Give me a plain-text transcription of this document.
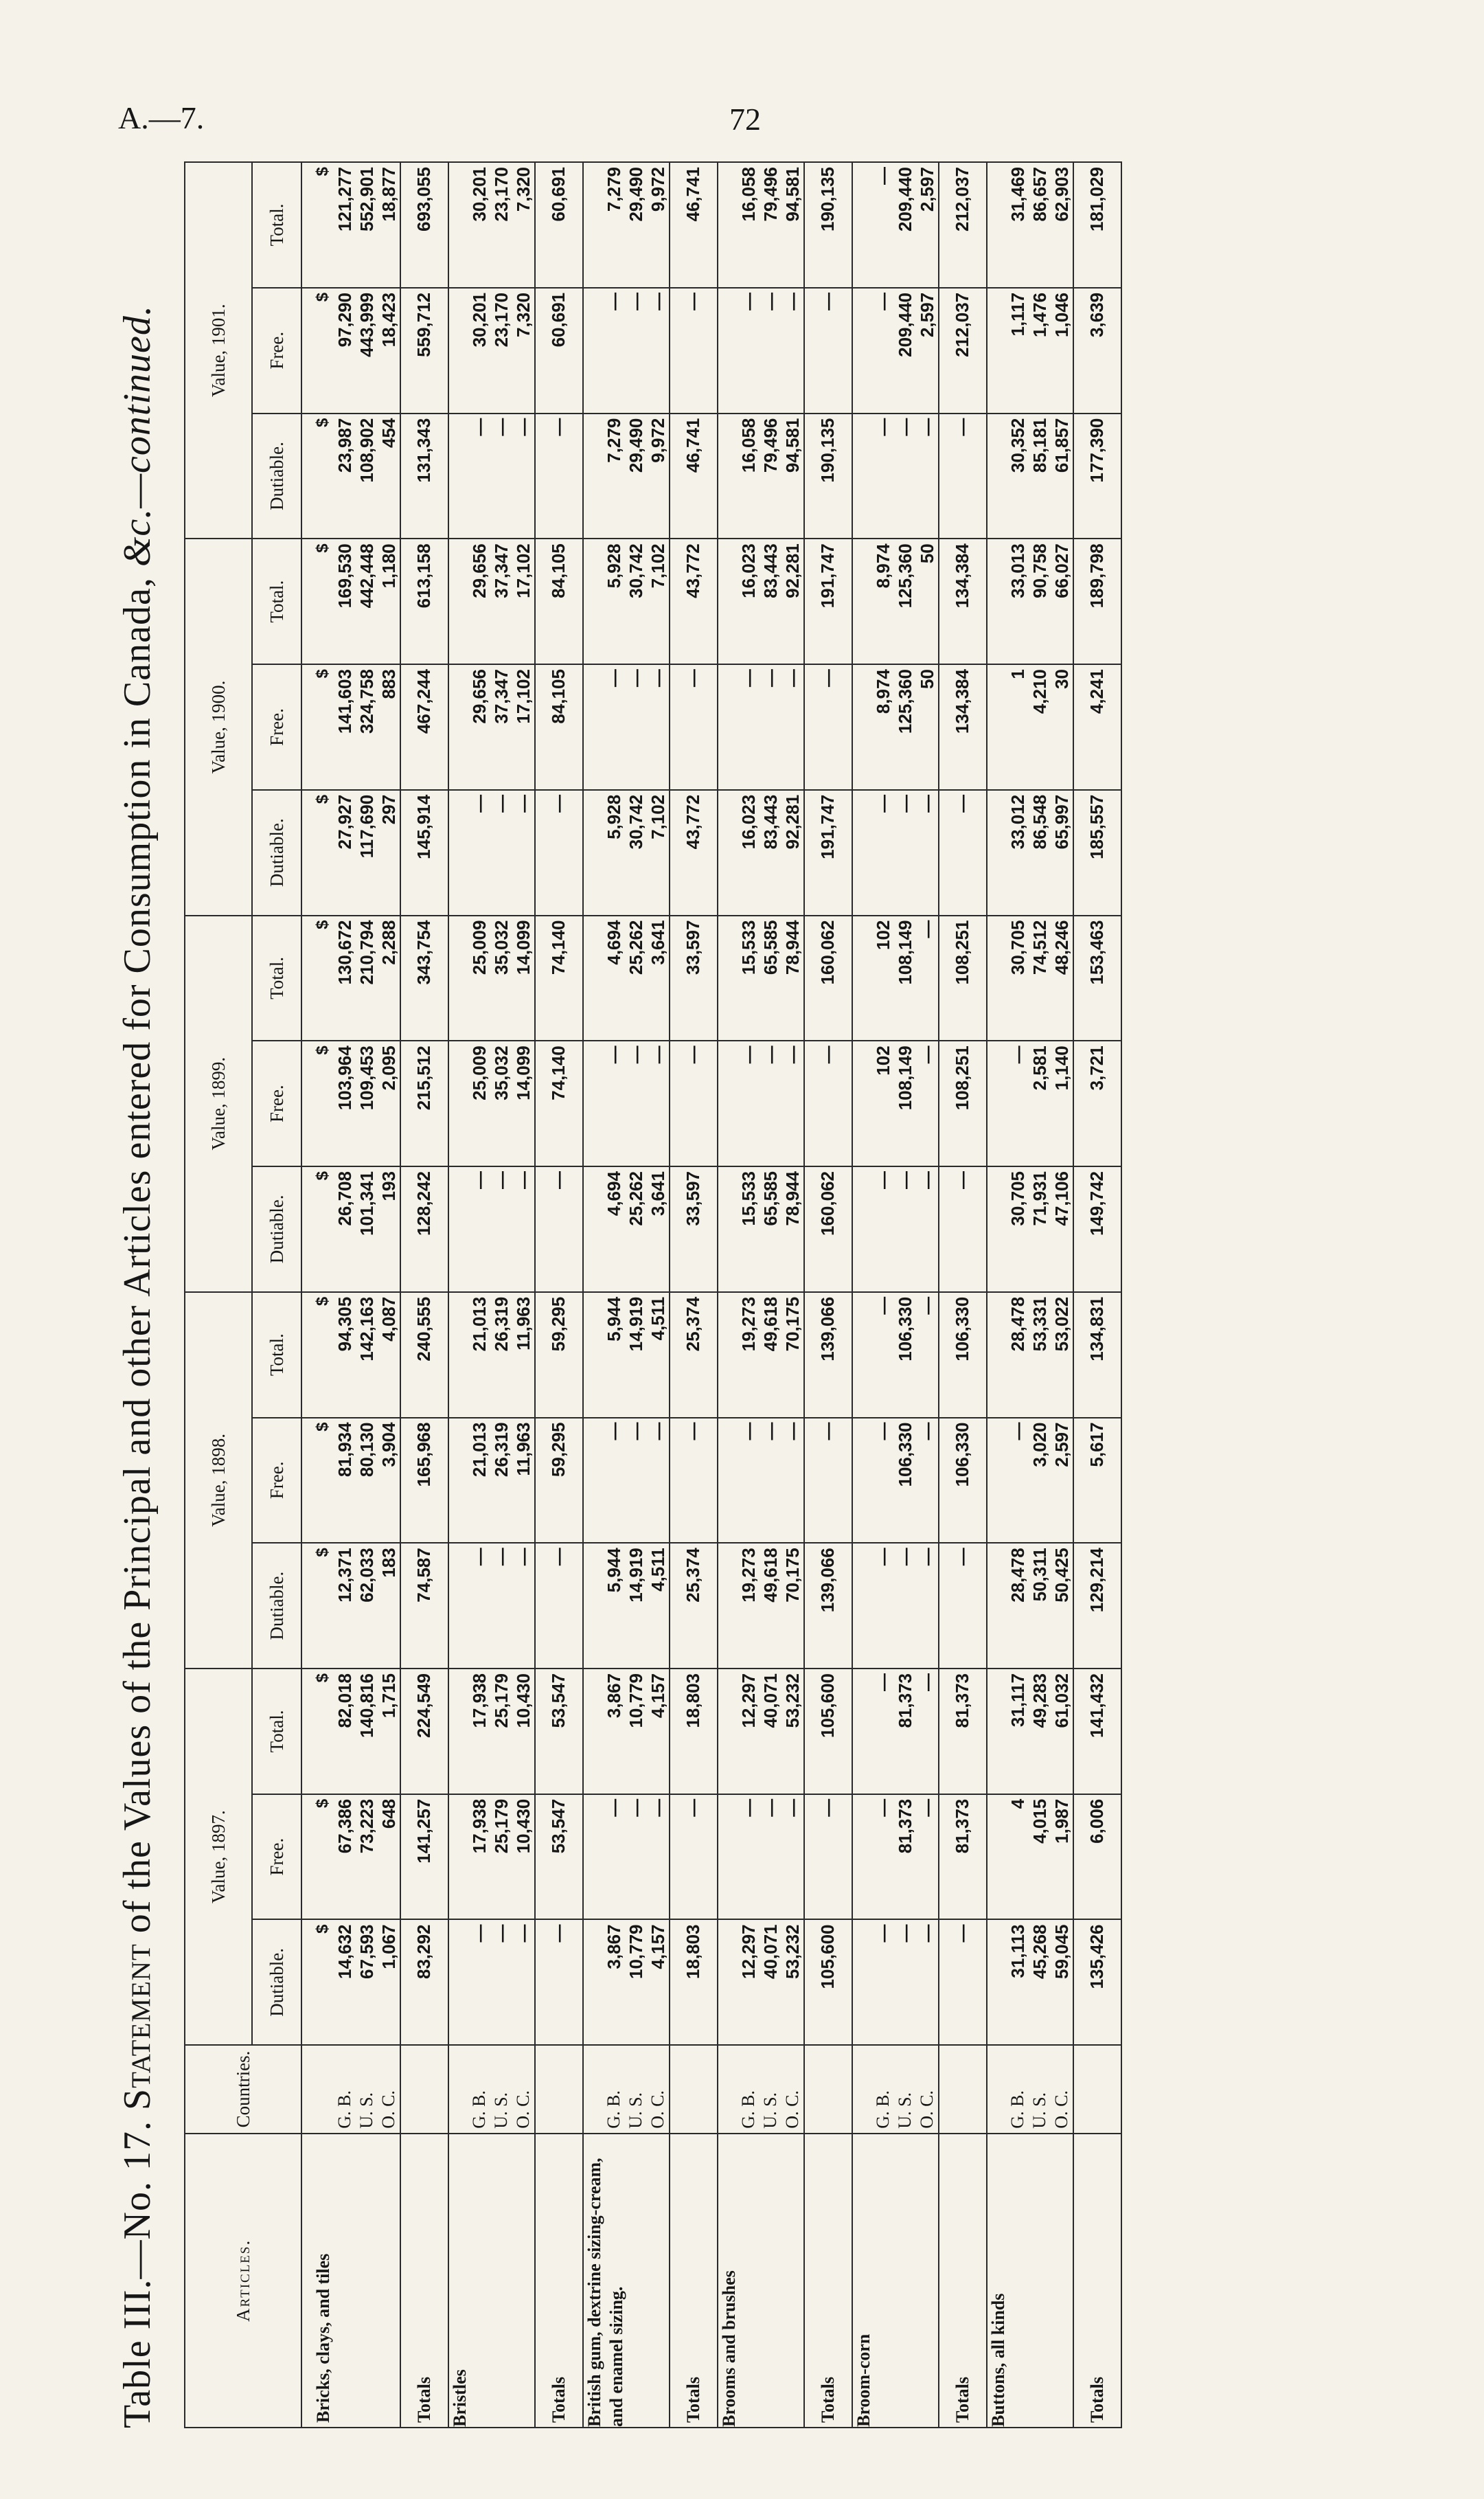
A.—7.	72
Table III.—No. 17. Statement of the Values of the Principal and other Articles entered for Consumption in Canada, &c.—continued.
Articles.	Countries.	Value, 1897.			Value, 1898.			Value, 1899.			Value, 1900.			Value, 1901.		
		Dutiable.	Free.	Total.	Dutiable.	Free.	Total.	Dutiable.	Free.	Total.	Dutiable.	Free.	Total.	Dutiable.	Free.	Total.
Bricks, clays, and tiles		$	$	$	$	$	$	$	$	$	$	$	$	$	$	$
	G. B.	14,632	67,386	82,018	12,371	81,934	94,305	26,708	103,964	130,672	27,927	141,603	169,530	23,987	97,290	121,277
	U. S.	67,593	73,223	140,816	62,033	80,130	142,163	101,341	109,453	210,794	117,690	324,758	442,448	108,902	443,999	552,901
	O. C.	1,067	648	1,715	183	3,904	4,087	193	2,095	2,288	297	883	1,180	454	18,423	18,877
Totals		83,292	141,257	224,549	74,587	165,968	240,555	128,242	215,512	343,754	145,914	467,244	613,158	131,343	559,712	693,055
Bristles																
	G. B.	—	17,938	17,938	—	21,013	21,013	—	25,009	25,009	—	29,656	29,656	—	30,201	30,201
	U. S.	—	25,179	25,179	—	26,319	26,319	—	35,032	35,032	—	37,347	37,347	—	23,170	23,170
	O. C.	—	10,430	10,430	—	11,963	11,963	—	14,099	14,099	—	17,102	17,102	—	7,320	7,320
Totals		—	53,547	53,547	—	59,295	59,295	—	74,140	74,140	—	84,105	84,105	—	60,691	60,691
British gum, dextrine sizing-cream, and enamel sizing.																
	G. B.	3,867	—	3,867	5,944	—	5,944	4,694	—	4,694	5,928	—	5,928	7,279	—	7,279
	U. S.	10,779	—	10,779	14,919	—	14,919	25,262	—	25,262	30,742	—	30,742	29,490	—	29,490
	O. C.	4,157	—	4,157	4,511	—	4,511	3,641	—	3,641	7,102	—	7,102	9,972	—	9,972
Totals		18,803	—	18,803	25,374	—	25,374	33,597	—	33,597	43,772	—	43,772	46,741	—	46,741
Brooms and brushes																
	G. B.	12,297	—	12,297	19,273	—	19,273	15,533	—	15,533	16,023	—	16,023	16,058	—	16,058
	U. S.	40,071	—	40,071	49,618	—	49,618	65,585	—	65,585	83,443	—	83,443	79,496	—	79,496
	O. C.	53,232	—	53,232	70,175	—	70,175	78,944	—	78,944	92,281	—	92,281	94,581	—	94,581
Totals		105,600	—	105,600	139,066	—	139,066	160,062	—	160,062	191,747	—	191,747	190,135	—	190,135
Broom-corn																
	G. B.	—	—	—	—	—	—	—	102	102	—	8,974	8,974	—	—	—
	U. S.	—	81,373	81,373	—	106,330	106,330	—	108,149	108,149	—	125,360	125,360	—	209,440	209,440
	O. C.	—	—	—	—	—	—	—	—	—	—	50	50	—	2,597	2,597
Totals		—	81,373	81,373	—	106,330	106,330	—	108,251	108,251	—	134,384	134,384	—	212,037	212,037
Buttons, all kinds																
	G. B.	31,113	4	31,117	28,478	—	28,478	30,705	—	30,705	33,012	1	33,013	30,352	1,117	31,469
	U. S.	45,268	4,015	49,283	50,311	3,020	53,331	71,931	2,581	74,512	86,548	4,210	90,758	85,181	1,476	86,657
	O. C.	59,045	1,987	61,032	50,425	2,597	53,022	47,106	1,140	48,246	65,997	30	66,027	61,857	1,046	62,903
Totals		135,426	6,006	141,432	129,214	5,617	134,831	149,742	3,721	153,463	185,557	4,241	189,798	177,390	3,639	181,029
